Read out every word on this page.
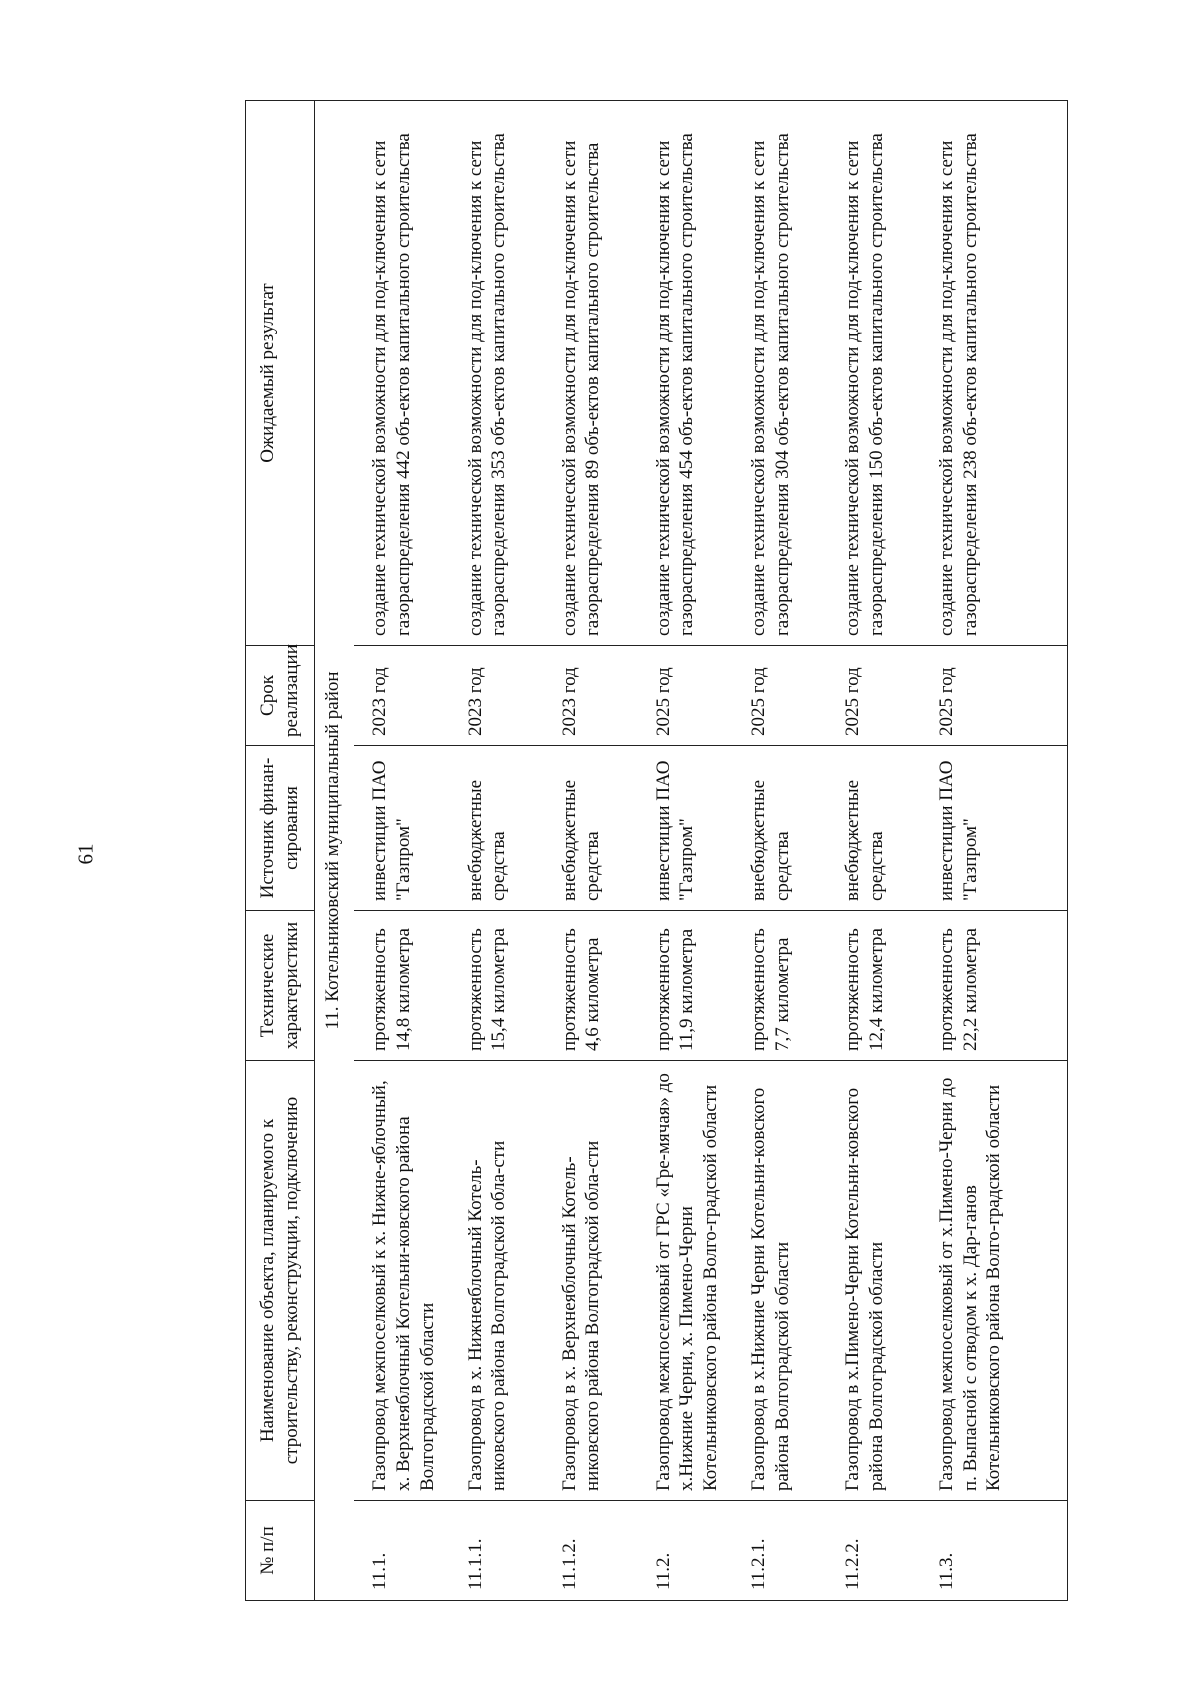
61
№ п/п	Наименование объекта, планируемого к строительству, реконструкции, подключению	Технические характеристики	Источник финан-сирования	Срок реализации	Ожидаемый результат
11. Котельниковский муниципальный район					
11.1.	Газопровод межпоселковый к х. Нижне-яблочный, х. Верхнеяблочный Котельни-ковского района Волгоградской области	протяженность 14,8 километра	инвестиции ПАО "Газпром"	2023 год	создание технической возможности для под-ключения к сети газораспределения 442 объ-ектов капитального строительства
11.1.1.	Газопровод в х. Нижнеяблочный Котель-никовского района Волгоградской обла-сти	протяженность 15,4 километра	внебюджетные средства	2023 год	создание технической возможности для под-ключения к сети газораспределения 353 объ-ектов капитального строительства
11.1.2.	Газопровод в х. Верхнеяблочный Котель-никовского района Волгоградской обла-сти	протяженность 4,6 километра	внебюджетные средства	2023 год	создание технической возможности для под-ключения к сети газораспределения 89 объ-ектов капитального строительства
11.2.	Газопровод межпоселковый от ГРС «Гре-мячая» до х.Нижние Черни, х. Пимено-Черни Котельниковского района Волго-градской области	протяженность 11,9 километра	инвестиции ПАО "Газпром"	2025 год	создание технической возможности для под-ключения к сети газораспределения 454 объ-ектов капитального строительства
11.2.1.	Газопровод в х.Нижние Черни Котельни-ковского района Волгоградской области	протяженность 7,7 километра	внебюджетные средства	2025 год	создание технической возможности для под-ключения к сети газораспределения 304 объ-ектов капитального строительства
11.2.2.	Газопровод в х.Пимено-Черни Котельни-ковского района Волгоградской области	протяженность 12,4 километра	внебюджетные средства	2025 год	создание технической возможности для под-ключения к сети газораспределения 150 объ-ектов капитального строительства
11.3.	Газопровод межпоселковый от х.Пимено-Черни до п. Выпасной с отводом к х. Дар-ганов Котельниковского района Волго-градской области	протяженность 22,2 километра	инвестиции ПАО "Газпром"	2025 год	создание технической возможности для под-ключения к сети газораспределения 238 объ-ектов капитального строительства
